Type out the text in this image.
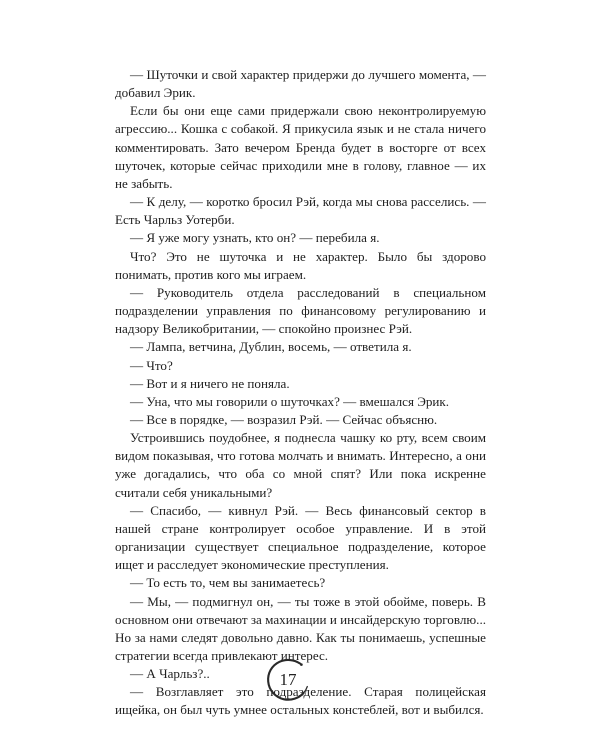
— Шуточки и свой характер придержи до лучшего момента, — добавил Эрик.

Если бы они еще сами придержали свою неконтролируемую агрессию... Кошка с собакой. Я прикусила язык и не стала ничего комментировать. Зато вечером Бренда будет в восторге от всех шуточек, которые сейчас приходили мне в голову, главное — их не забыть.

— К делу, — коротко бросил Рэй, когда мы снова расселись. — Есть Чарльз Уотерби.

— Я уже могу узнать, кто он? — перебила я.

Что? Это не шуточка и не характер. Было бы здорово понимать, против кого мы играем.

— Руководитель отдела расследований в специальном подразделении управления по финансовому регулированию и надзору Великобритании, — спокойно произнес Рэй.

— Лампа, ветчина, Дублин, восемь, — ответила я.

— Что?

— Вот и я ничего не поняла.

— Уна, что мы говорили о шуточках? — вмешался Эрик.

— Все в порядке, — возразил Рэй. — Сейчас объясню.

Устроившись поудобнее, я поднесла чашку ко рту, всем своим видом показывая, что готова молчать и внимать. Интересно, а они уже догадались, что оба со мной спят? Или пока искренне считали себя уникальными?

— Спасибо, — кивнул Рэй. — Весь финансовый сектор в нашей стране контролирует особое управление. И в этой организации существует специальное подразделение, которое ищет и расследует экономические преступления.

— То есть то, чем вы занимаетесь?

— Мы, — подмигнул он, — ты тоже в этой обойме, поверь. В основном они отвечают за махинации и инсайдерскую торговлю... Но за нами следят довольно давно. Как ты понимаешь, успешные стратегии всегда привлекают интерес.

— А Чарльз?..

— Возглавляет это подразделение. Старая полицейская ищейка, он был чуть умнее остальных констеблей, вот и выбился.

17
